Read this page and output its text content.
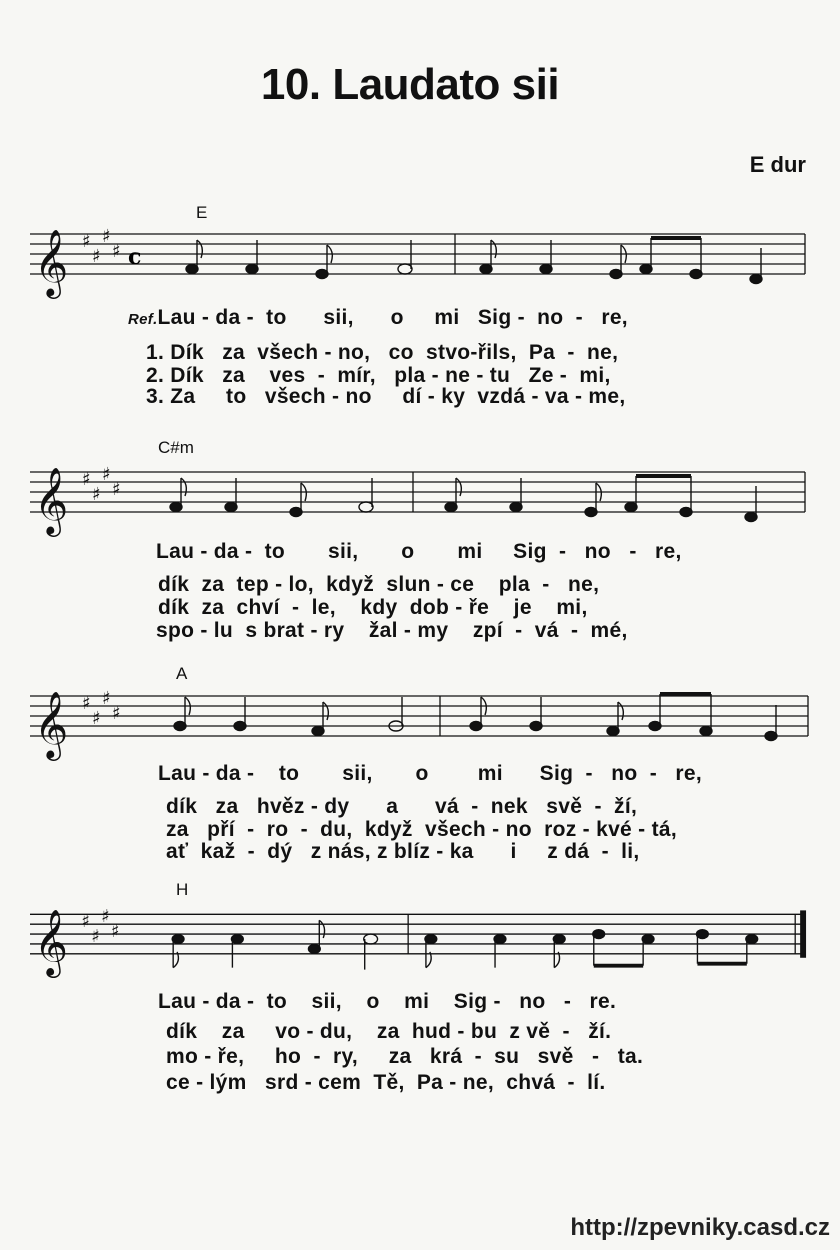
10. Laudato sii
E dur
E
𝄞 ♯
♯
♯
♯ c
Ref.Lau - da -  to      sii,      o     mi   Sig -  no  -   re,
1. Dík   za  všech - no,   co  stvo-řils,  Pa  -  ne,
2. Dík   za    ves  -  mír,   pla - ne - tu   Ze -  mi,
3. Za     to   všech - no     dí - ky  vzdá - va - me,
C#m
𝄞 ♯
♯
♯
♯
Lau - da -  to       sii,       o       mi     Sig  -   no   -   re,
dík  za  tep - lo,  když  slun - ce    pla  -   ne,
dík  za  chví  -  le,    kdy  dob - ře    je    mi,
spo - lu  s brat - ry    žal - my    zpí  -  vá  -  mé,
A
𝄞 ♯
♯
♯
♯
Lau - da -    to       sii,       o        mi      Sig  -   no  -   re,
dík   za   hvěz - dy      a      vá  -  nek   svě  -  ží,
za   pří  -  ro  -  du,  když  všech - no  roz - kvé - tá,
ať  kaž  -  dý   z nás, z blíz - ka      i     z dá  -  li,
H
𝄞 ♯
♯
♯
♯
Lau - da -  to    sii,    o    mi    Sig -   no   -   re.
dík    za     vo - du,    za  hud - bu  z vě  -   ží.
mo - ře,     ho  -  ry,     za   krá  -  su   svě   -   ta.
ce - lým   srd - cem  Tě,  Pa - ne,  chvá  -  lí.
http://zpevniky.casd.cz
